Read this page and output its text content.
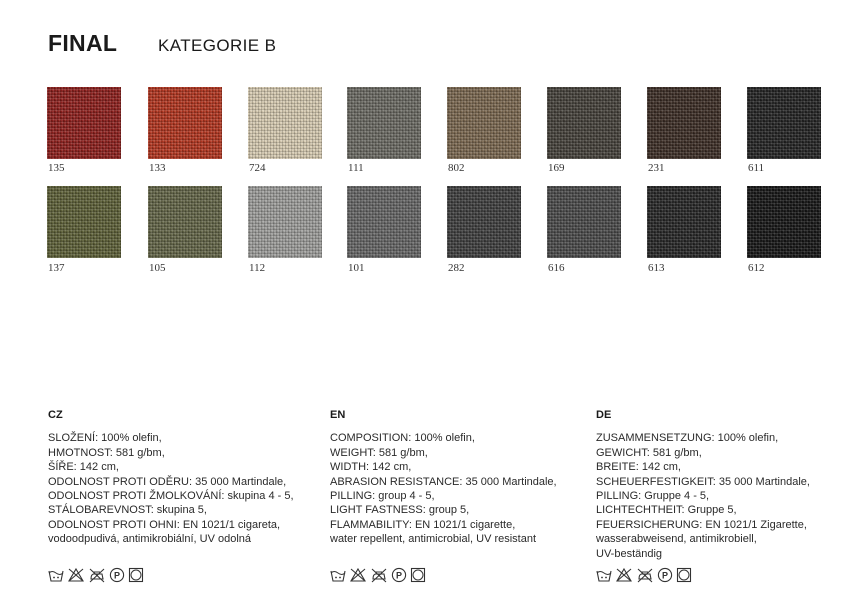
FINAL KATEGORIE B
135	133	724	111	802	169	231	611
137	105	112	101	282	616	613	612
CZ
SLOŽENÍ: 100% olefin,
HMOTNOST: 581 g/bm,
ŠÍŘE: 142 cm,
ODOLNOST PROTI ODĚRU: 35 000 Martindale,
ODOLNOST PROTI ŽMOLKOVÁNÍ: skupina 4 - 5,
STÁLOBAREVNOST: skupina 5,
ODOLNOST PROTI OHNI: EN 1021/1 cigareta,
vodoodpudivá, antimikrobiální, UV odolná
EN
COMPOSITION: 100% olefin,
WEIGHT: 581 g/bm,
WIDTH: 142 cm,
ABRASION RESISTANCE: 35 000 Martindale,
PILLING: group 4 - 5,
LIGHT FASTNESS: group 5,
FLAMMABILITY: EN 1021/1 cigarette,
water repellent, antimicrobial, UV resistant
DE
ZUSAMMENSETZUNG: 100% olefin,
GEWICHT: 581 g/bm,
BREITE: 142 cm,
SCHEUERFESTIGKEIT: 35 000 Martindale,
PILLING: Gruppe 4 - 5,
LICHTECHTHEIT: Gruppe 5,
FEUERSICHERUNG: EN 1021/1 Zigarette,
wasserabweisend, antimikrobiell,
UV-beständig
P	P	P
